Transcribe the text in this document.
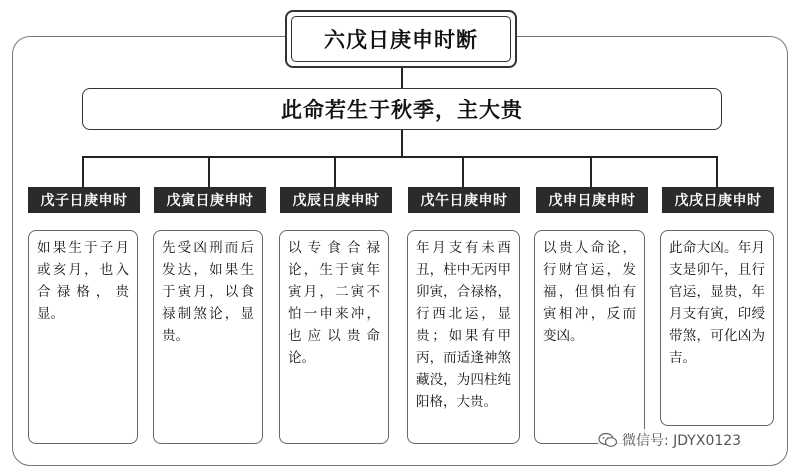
六戊日庚申时断
此命若生于秋季，主大贵
戊子日庚申时	戊寅日庚申时	戊辰日庚申时	戊午日庚申时	戊申日庚申时	戊戌日庚申时
如果生于子月或亥月，也入合禄格，贵显。
先受凶刑而后发达，如果生于寅月，以食禄制煞论，显贵。
以专食合禄论，生于寅年寅月，二寅不怕一申来冲，也应以贵命论。
年月支有未酉丑，柱中无丙甲卯寅，合禄格，行西北运，显贵；如果有甲丙，而适逢神煞藏没，为四柱纯阳格，大贵。
以贵人命论，行财官运，发福，但惧怕有寅相冲，反而变凶。
此命大凶。年月支是卯午，且行官运，显贵，年月支有寅，印绶带煞，可化凶为吉。
微信号: JDYX0123
